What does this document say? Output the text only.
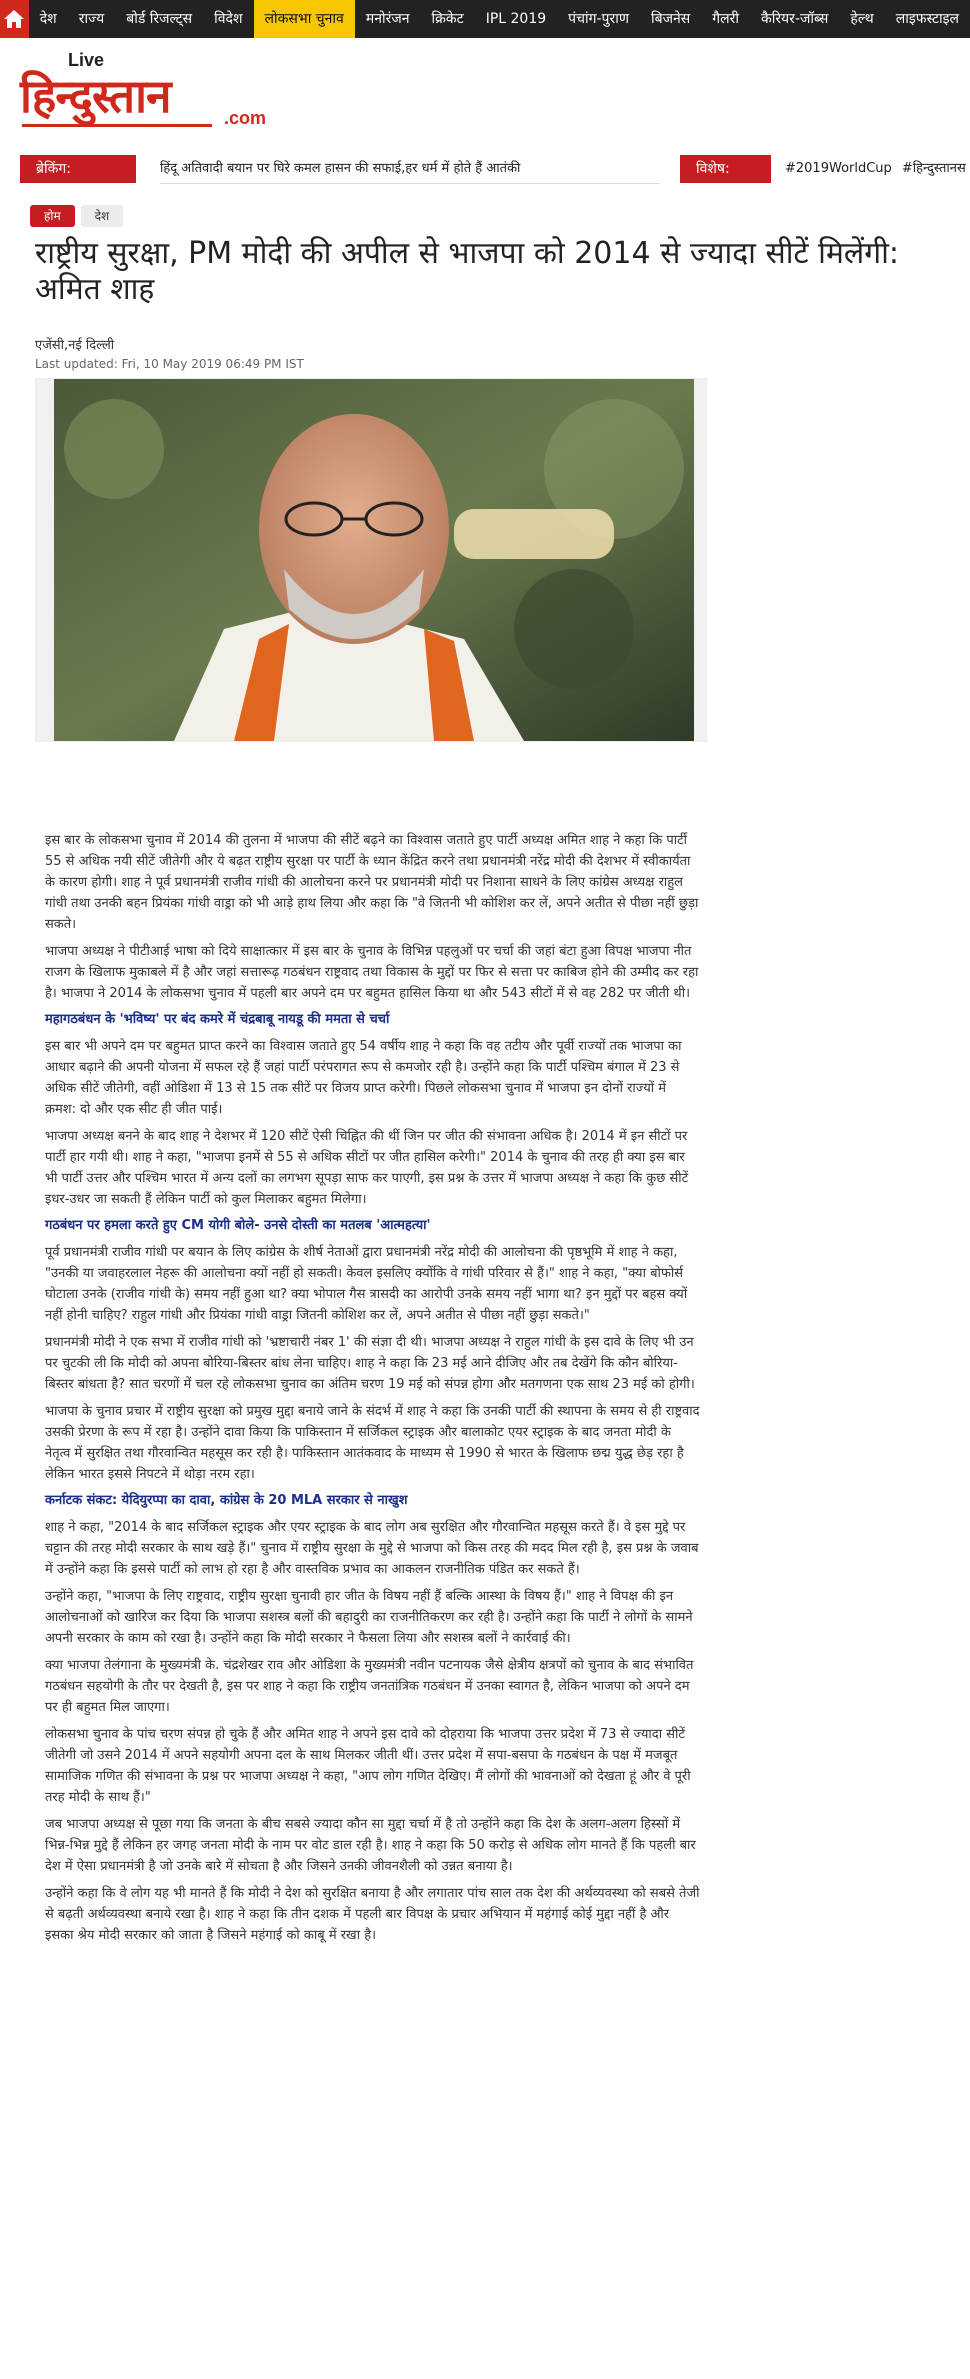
देश	राज्य	बोर्ड रिजल्ट्स	विदेश	लोकसभा चुनाव	मनोरंजन	क्रिकेट	IPL 2019	पंचांग-पुराण	बिजनेस	गैलरी	कैरियर-जॉब्स	हेल्थ	लाइफस्टाइल
Live
हिन्दुस्तान	.com
ब्रेकिंग:	हिंदू अतिवादी बयान पर घिरे कमल हासन की सफाई,हर धर्म में होते हैं आतंकी	विशेष:	#2019WorldCup #हिन्दुस्तानस
होम	देश
राष्ट्रीय सुरक्षा, PM मोदी की अपील से भाजपा को 2014 से ज्यादा सीटें मिलेंगी: अमित शाह
एजेंसी,नई दिल्ली
Last updated: Fri, 10 May 2019 06:49 PM IST

इस बार के लोकसभा चुनाव में 2014 की तुलना में भाजपा की सीटें बढ़ने का विश्वास जताते हुए पार्टी अध्यक्ष अमित शाह ने कहा कि पार्टी 55 से अधिक नयी सीटें जीतेगी और ये बढ़त राष्ट्रीय सुरक्षा पर पार्टी के ध्यान केंद्रित करने तथा प्रधानमंत्री नरेंद्र मोदी की देशभर में स्वीकार्यता के कारण होगी। शाह ने पूर्व प्रधानमंत्री राजीव गांधी की आलोचना करने पर प्रधानमंत्री मोदी पर निशाना साधने के लिए कांग्रेस अध्यक्ष राहुल गांधी तथा उनकी बहन प्रियंका गांधी वाड्रा को भी आड़े हाथ लिया और कहा कि "वे जितनी भी कोशिश कर लें, अपने अतीत से पीछा नहीं छुड़ा सकते।

भाजपा अध्यक्ष ने पीटीआई भाषा को दिये साक्षात्कार में इस बार के चुनाव के विभिन्न पहलुओं पर चर्चा की जहां बंटा हुआ विपक्ष भाजपा नीत राजग के खिलाफ मुकाबले में है और जहां सत्तारूढ़ गठबंधन राष्ट्रवाद तथा विकास के मुद्दों पर फिर से सत्ता पर काबिज होने की उम्मीद कर रहा है। भाजपा ने 2014 के लोकसभा चुनाव में पहली बार अपने दम पर बहुमत हासिल किया था और 543 सीटों में से वह 282 पर जीती थी।

महागठबंधन के 'भविष्य' पर बंद कमरे में चंद्रबाबू नायडू की ममता से चर्चा

इस बार भी अपने दम पर बहुमत प्राप्त करने का विश्वास जताते हुए 54 वर्षीय शाह ने कहा कि वह तटीय और पूर्वी राज्यों तक भाजपा का आधार बढ़ाने की अपनी योजना में सफल रहे हैं जहां पार्टी परंपरागत रूप से कमजोर रही है। उन्होंने कहा कि पार्टी पश्चिम बंगाल में 23 से अधिक सीटें जीतेगी, वहीं ओडिशा में 13 से 15 तक सीटें पर विजय प्राप्त करेगी। पिछले लोकसभा चुनाव में भाजपा इन दोनों राज्यों में क्रमश: दो और एक सीट ही जीत पाई।

भाजपा अध्यक्ष बनने के बाद शाह ने देशभर में 120 सीटें ऐसी चिह्नित की थीं जिन पर जीत की संभावना अधिक है। 2014 में इन सीटों पर पार्टी हार गयी थी। शाह ने कहा, "भाजपा इनमें से 55 से अधिक सीटों पर जीत हासिल करेगी।" 2014 के चुनाव की तरह ही क्या इस बार भी पार्टी उत्तर और पश्चिम भारत में अन्य दलों का लगभग सूपड़ा साफ कर पाएगी, इस प्रश्न के उत्तर में भाजपा अध्यक्ष ने कहा कि कुछ सीटें इधर-उधर जा सकती हैं लेकिन पार्टी को कुल मिलाकर बहुमत मिलेगा।

गठबंधन पर हमला करते हुए CM योगी बोले- उनसे दोस्ती का मतलब 'आत्महत्या'

पूर्व प्रधानमंत्री राजीव गांधी पर बयान के लिए कांग्रेस के शीर्ष नेताओं द्वारा प्रधानमंत्री नरेंद्र मोदी की आलोचना की पृष्ठभूमि में शाह ने कहा, "उनकी या जवाहरलाल नेहरू की आलोचना क्यों नहीं हो सकती। केवल इसलिए क्योंकि वे गांधी परिवार से हैं।" शाह ने कहा, "क्या बोफोर्स घोटाला उनके (राजीव गांधी के) समय नहीं हुआ था? क्या भोपाल गैस त्रासदी का आरोपी उनके समय नहीं भागा था? इन मुद्दों पर बहस क्यों नहीं होनी चाहिए? राहुल गांधी और प्रियंका गांधी वाड्रा जितनी कोशिश कर लें, अपने अतीत से पीछा नहीं छुड़ा सकते।"

प्रधानमंत्री मोदी ने एक सभा में राजीव गांधी को 'भ्रष्टाचारी नंबर 1' की संज्ञा दी थी। भाजपा अध्यक्ष ने राहुल गांधी के इस दावे के लिए भी उन पर चुटकी ली कि मोदी को अपना बोरिया-बिस्तर बांध लेना चाहिए। शाह ने कहा कि 23 मई आने दीजिए और तब देखेंगे कि कौन बोरिया-बिस्तर बांधता है? सात चरणों में चल रहे लोकसभा चुनाव का अंतिम चरण 19 मई को संपन्न होगा और मतगणना एक साथ 23 मई को होगी।

भाजपा के चुनाव प्रचार में राष्ट्रीय सुरक्षा को प्रमुख मुद्दा बनाये जाने के संदर्भ में शाह ने कहा कि उनकी पार्टी की स्थापना के समय से ही राष्ट्रवाद उसकी प्रेरणा के रूप में रहा है। उन्होंने दावा किया कि पाकिस्तान में सर्जिकल स्ट्राइक और बालाकोट एयर स्ट्राइक के बाद जनता मोदी के नेतृत्व में सुरक्षित तथा गौरवान्वित महसूस कर रही है। पाकिस्तान आतंकवाद के माध्यम से 1990 से भारत के खिलाफ छद्म युद्ध छेड़ रहा है लेकिन भारत इससे निपटने में थोड़ा नरम रहा।

कर्नाटक संकट: येदियुरप्पा का दावा, कांग्रेस के 20 MLA सरकार से नाखुश

शाह ने कहा, "2014 के बाद सर्जिकल स्ट्राइक और एयर स्ट्राइक के बाद लोग अब सुरक्षित और गौरवान्वित महसूस करते हैं। वे इस मुद्दे पर चट्टान की तरह मोदी सरकार के साथ खड़े हैं।" चुनाव में राष्ट्रीय सुरक्षा के मुद्दे से भाजपा को किस तरह की मदद मिल रही है, इस प्रश्न के जवाब में उन्होंने कहा कि इससे पार्टी को लाभ हो रहा है और वास्तविक प्रभाव का आकलन राजनीतिक पंडित कर सकते हैं।

उन्होंने कहा, "भाजपा के लिए राष्ट्रवाद, राष्ट्रीय सुरक्षा चुनावी हार जीत के विषय नहीं हैं बल्कि आस्था के विषय हैं।" शाह ने विपक्ष की इन आलोचनाओं को खारिज कर दिया कि भाजपा सशस्त्र बलों की बहादुरी का राजनीतिकरण कर रही है। उन्होंने कहा कि पार्टी ने लोगों के सामने अपनी सरकार के काम को रखा है। उन्होंने कहा कि मोदी सरकार ने फैसला लिया और सशस्त्र बलों ने कार्रवाई की।

क्या भाजपा तेलंगाना के मुख्यमंत्री के. चंद्रशेखर राव और ओडिशा के मुख्यमंत्री नवीन पटनायक जैसे क्षेत्रीय क्षत्रपों को चुनाव के बाद संभावित गठबंधन सहयोगी के तौर पर देखती है, इस पर शाह ने कहा कि राष्ट्रीय जनतांत्रिक गठबंधन में उनका स्वागत है, लेकिन भाजपा को अपने दम पर ही बहुमत मिल जाएगा।

लोकसभा चुनाव के पांच चरण संपन्न हो चुके हैं और अमित शाह ने अपने इस दावे को दोहराया कि भाजपा उत्तर प्रदेश में 73 से ज्यादा सीटें जीतेगी जो उसने 2014 में अपने सहयोगी अपना दल के साथ मिलकर जीती थीं। उत्तर प्रदेश में सपा-बसपा के गठबंधन के पक्ष में मजबूत सामाजिक गणित की संभावना के प्रश्न पर भाजपा अध्यक्ष ने कहा, "आप लोग गणित देखिए। मैं लोगों की भावनाओं को देखता हूं और वे पूरी तरह मोदी के साथ हैं।"

जब भाजपा अध्यक्ष से पूछा गया कि जनता के बीच सबसे ज्यादा कौन सा मुद्दा चर्चा में है तो उन्होंने कहा कि देश के अलग-अलग हिस्सों में भिन्न-भिन्न मुद्दे हैं लेकिन हर जगह जनता मोदी के नाम पर वोट डाल रही है। शाह ने कहा कि 50 करोड़ से अधिक लोग मानते हैं कि पहली बार देश में ऐसा प्रधानमंत्री है जो उनके बारे में सोचता है और जिसने उनकी जीवनशैली को उन्नत बनाया है।

उन्होंने कहा कि वे लोग यह भी मानते हैं कि मोदी ने देश को सुरक्षित बनाया है और लगातार पांच साल तक देश की अर्थव्यवस्था को सबसे तेजी से बढ़ती अर्थव्यवस्था बनाये रखा है। शाह ने कहा कि तीन दशक में पहली बार विपक्ष के प्रचार अभियान में महंगाई कोई मुद्दा नहीं है और इसका श्रेय मोदी सरकार को जाता है जिसने महंगाई को काबू में रखा है।
